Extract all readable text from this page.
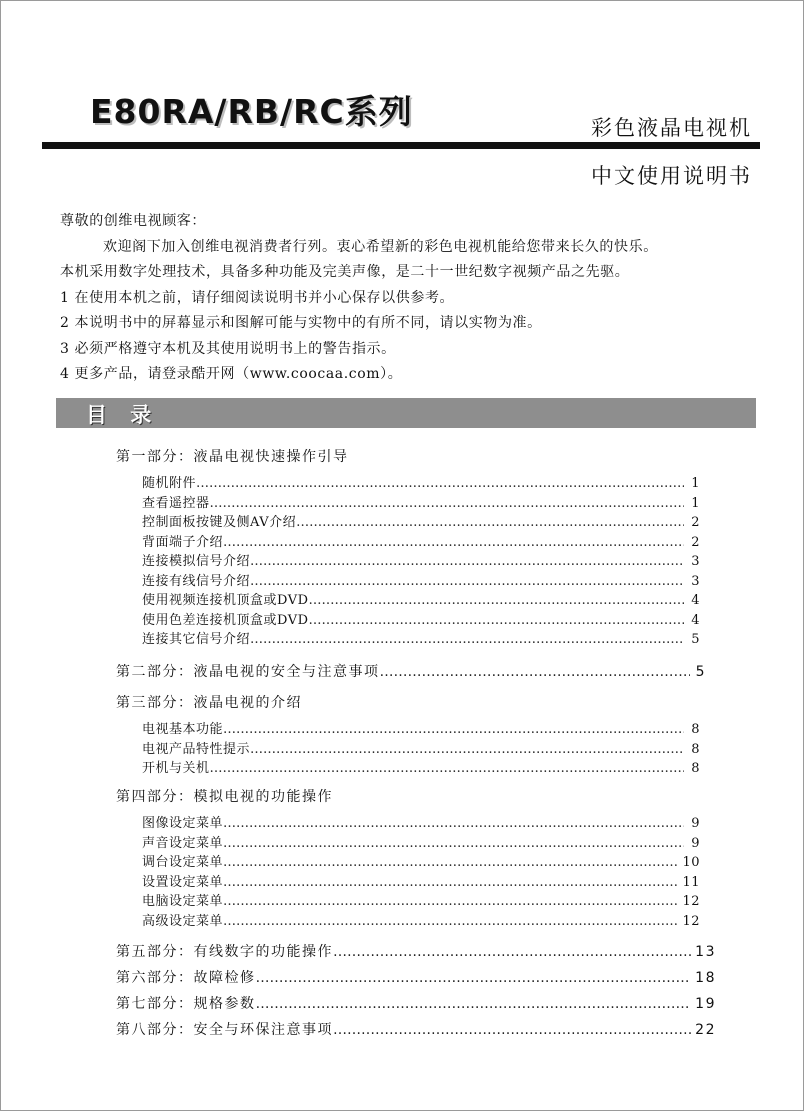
E80RA/RB/RC系列	彩色液晶电视机
中文使用说明书
尊敬的创维电视顾客：
欢迎阁下加入创维电视消费者行列。衷心希望新的彩色电视机能给您带来长久的快乐。
本机采用数字处理技术，具备多种功能及完美声像，是二十一世纪数字视频产品之先驱。
1 在使用本机之前，请仔细阅读说明书并小心保存以供参考。
2 本说明书中的屏幕显示和图解可能与实物中的有所不同，请以实物为准。
3 必须严格遵守本机及其使用说明书上的警告指示。
4 更多产品，请登录酷开网（www.coocaa.com）。
目 录
第一部分：液晶电视快速操作引导
随机附件 …………………………………………………………………………………………………………………………………………………………	1
查看遥控器 …………………………………………………………………………………………………………………………………………………………	1
控制面板按键及侧AV介绍 …………………………………………………………………………………………………………………………………………………………	2
背面端子介绍 …………………………………………………………………………………………………………………………………………………………	2
连接模拟信号介绍 …………………………………………………………………………………………………………………………………………………………	3
连接有线信号介绍 …………………………………………………………………………………………………………………………………………………………	3
使用视频连接机顶盒或DVD …………………………………………………………………………………………………………………………………………………………	4
使用色差连接机顶盒或DVD …………………………………………………………………………………………………………………………………………………………	4
连接其它信号介绍 …………………………………………………………………………………………………………………………………………………………	5
第二部分：液晶电视的安全与注意事项 …………………………………………………………………………………………………………………………………………………………	5
第三部分：液晶电视的介绍
电视基本功能 …………………………………………………………………………………………………………………………………………………………	8
电视产品特性提示 …………………………………………………………………………………………………………………………………………………………	8
开机与关机 …………………………………………………………………………………………………………………………………………………………	8
第四部分：模拟电视的功能操作
图像设定菜单 …………………………………………………………………………………………………………………………………………………………	9
声音设定菜单 …………………………………………………………………………………………………………………………………………………………	9
调台设定菜单 …………………………………………………………………………………………………………………………………………………………	10
设置设定菜单 …………………………………………………………………………………………………………………………………………………………	11
电脑设定菜单 …………………………………………………………………………………………………………………………………………………………	12
高级设定菜单 …………………………………………………………………………………………………………………………………………………………	12
第五部分：有线数字的功能操作 …………………………………………………………………………………………………………………………………………………………	13
第六部分：故障检修 …………………………………………………………………………………………………………………………………………………………	18
第七部分：规格参数 …………………………………………………………………………………………………………………………………………………………	19
第八部分：安全与环保注意事项 …………………………………………………………………………………………………………………………………………………………	22
